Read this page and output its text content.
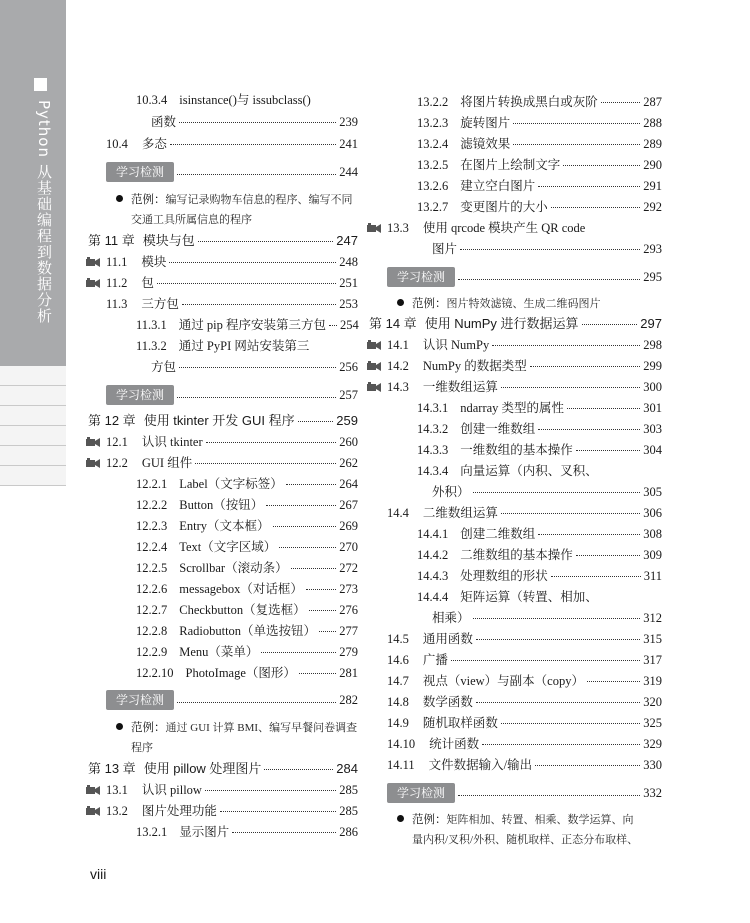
Python 从基础编程到数据分析	10.3.4 isinstance()与 issubclass()
函数	239
10.4 多态	241
学习检测	244
范例：编写记录购物车信息的程序、编写不同
交通工具所属信息的程序
第 11 章 模块与包	247
11.1 模块	248
11.2 包	251
11.3 三方包	253
11.3.1 通过 pip 程序安装第三方包 254
11.3.2 通过 PyPI 网站安装第三
方包	256
学习检测	257
第 12 章 使用 tkinter 开发 GUI 程序	259
12.1 认识 tkinter	260
12.2 GUI 组件	262
12.2.1 Label（文字标签）	264
12.2.2 Button（按钮）	267
12.2.3 Entry（文本框）	269
12.2.4 Text（文字区域）	270
12.2.5 Scrollbar（滚动条）	272
12.2.6 messagebox（对话框）	273
12.2.7 Checkbutton（复选框）	276
12.2.8 Radiobutton（单选按钮） 277
12.2.9 Menu（菜单）	279
12.2.10 PhotoImage（图形）	281
学习检测	282
范例：通过 GUI 计算 BMI、编写早餐问卷调查
程序
第 13 章 使用 pillow 处理图片	284
13.1 认识 pillow	285
13.2 图片处理功能	285
13.2.1 显示图片	286
13.2.2 将图片转换成黑白或灰阶	287
13.2.3 旋转图片	288
13.2.4 滤镜效果	289
13.2.5 在图片上绘制文字	290
13.2.6 建立空白图片	291
13.2.7 变更图片的大小	292
13.3 使用 qrcode 模块产生 QR code
图片	293
学习检测	295
范例：图片特效滤镜、生成二维码图片
第 14 章 使用 NumPy 进行数据运算	297
14.1 认识 NumPy	298
14.2 NumPy 的数据类型	299
14.3 一维数组运算	300
14.3.1 ndarray 类型的属性	301
14.3.2 创建一维数组	303
14.3.3 一维数组的基本操作	304
14.3.4 向量运算（内积、叉积、
外积）	305
14.4 二维数组运算	306
14.4.1 创建二维数组	308
14.4.2 二维数组的基本操作	309
14.4.3 处理数组的形状	311
14.4.4 矩阵运算（转置、相加、
相乘）	312
14.5 通用函数	315
14.6 广播	317
14.7 视点（view）与副本（copy）	319
14.8 数学函数	320
14.9 随机取样函数	325
14.10 统计函数	329
14.11 文件数据输入/输出	330
学习检测	332
范例：矩阵相加、转置、相乘、数学运算、向
量内积/叉积/外积、随机取样、正态分布取样、
viii
